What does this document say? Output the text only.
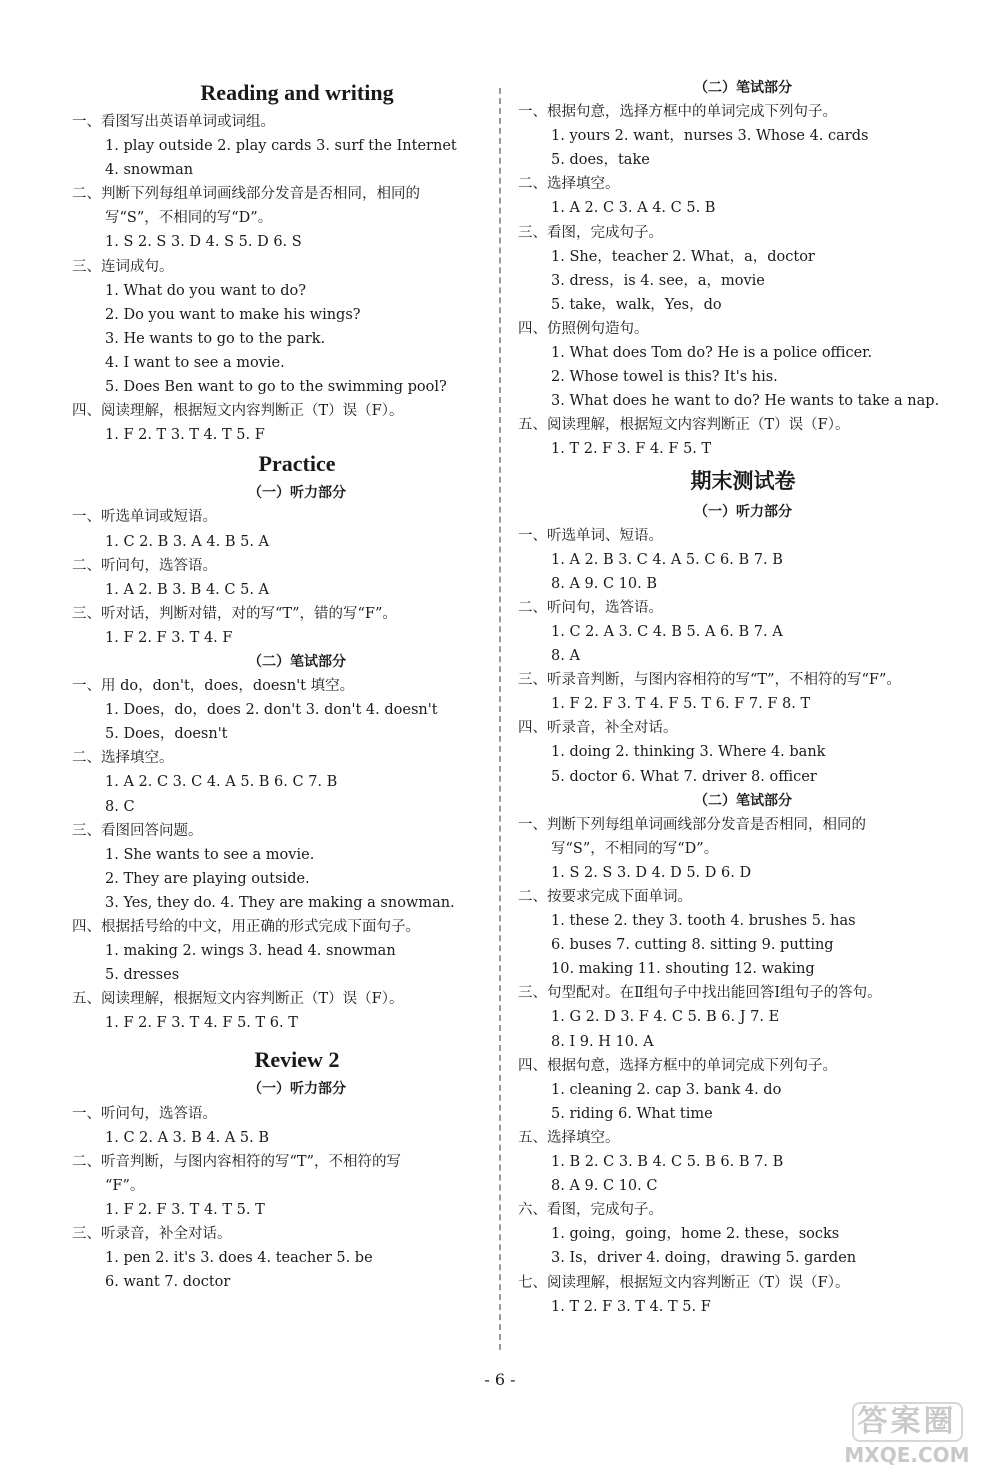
Reading and writing
一、看图写出英语单词或词组。
1. play outside 2. play cards 3. surf the Internet
4. snowman
二、判断下列每组单词画线部分发音是否相同，相同的
写“S”，不相同的写“D”。
1. S 2. S 3. D 4. S 5. D 6. S
三、连词成句。
1. What do you want to do?
2. Do you want to make his wings?
3. He wants to go to the park.
4. I want to see a movie.
5. Does Ben want to go to the swimming pool?
四、阅读理解，根据短文内容判断正（T）误（F）。
1. F 2. T 3. T 4. T 5. F
Practice
（一）听力部分
一、听选单词或短语。
1. C 2. B 3. A 4. B 5. A
二、听问句，选答语。
1. A 2. B 3. B 4. C 5. A
三、听对话，判断对错，对的写“T”，错的写“F”。
1. F 2. F 3. T 4. F
（二）笔试部分
一、用 do，don't，does，doesn't 填空。
1. Does，do，does 2. don't 3. don't 4. doesn't
5. Does，doesn't
二、选择填空。
1. A 2. C 3. C 4. A 5. B 6. C 7. B
8. C
三、看图回答问题。
1. She wants to see a movie.
2. They are playing outside.
3. Yes, they do. 4. They are making a snowman.
四、根据括号给的中文，用正确的形式完成下面句子。
1. making 2. wings 3. head 4. snowman
5. dresses
五、阅读理解，根据短文内容判断正（T）误（F）。
1. F 2. F 3. T 4. F 5. T 6. T
Review 2
（一）听力部分
一、听问句，选答语。
1. C 2. A 3. B 4. A 5. B
二、听音判断，与图内容相符的写“T”，不相符的写
“F”。
1. F 2. F 3. T 4. T 5. T
三、听录音，补全对话。
1. pen 2. it's 3. does 4. teacher 5. be
6. want 7. doctor
（二）笔试部分
一、根据句意，选择方框中的单词完成下列句子。
1. yours 2. want，nurses 3. Whose 4. cards
5. does，take
二、选择填空。
1. A 2. C 3. A 4. C 5. B
三、看图，完成句子。
1. She，teacher 2. What，a，doctor
3. dress，is 4. see，a，movie
5. take，walk，Yes，do
四、仿照例句造句。
1. What does Tom do? He is a police officer.
2. Whose towel is this? It's his.
3. What does he want to do? He wants to take a nap.
五、阅读理解，根据短文内容判断正（T）误（F）。
1. T 2. F 3. F 4. F 5. T
期末测试卷
（一）听力部分
一、听选单词、短语。
1. A 2. B 3. C 4. A 5. C 6. B 7. B
8. A 9. C 10. B
二、听问句，选答语。
1. C 2. A 3. C 4. B 5. A 6. B 7. A
8. A
三、听录音判断，与图内容相符的写“T”，不相符的写“F”。
1. F 2. F 3. T 4. F 5. T 6. F 7. F 8. T
四、听录音，补全对话。
1. doing 2. thinking 3. Where 4. bank
5. doctor 6. What 7. driver 8. officer
（二）笔试部分
一、判断下列每组单词画线部分发音是否相同，相同的
写“S”，不相同的写“D”。
1. S 2. S 3. D 4. D 5. D 6. D
二、按要求完成下面单词。
1. these 2. they 3. tooth 4. brushes 5. has
6. buses 7. cutting 8. sitting 9. putting
10. making 11. shouting 12. waking
三、句型配对。在Ⅱ组句子中找出能回答Ⅰ组句子的答句。
1. G 2. D 3. F 4. C 5. B 6. J 7. E
8. I 9. H 10. A
四、根据句意，选择方框中的单词完成下列句子。
1. cleaning 2. cap 3. bank 4. do
5. riding 6. What time
五、选择填空。
1. B 2. C 3. B 4. C 5. B 6. B 7. B
8. A 9. C 10. C
六、看图，完成句子。
1. going，going，home 2. these，socks
3. Is，driver 4. doing，drawing 5. garden
七、阅读理解，根据短文内容判断正（T）误（F）。
1. T 2. F 3. T 4. T 5. F
- 6 -
答案圈
MXQE.COM
